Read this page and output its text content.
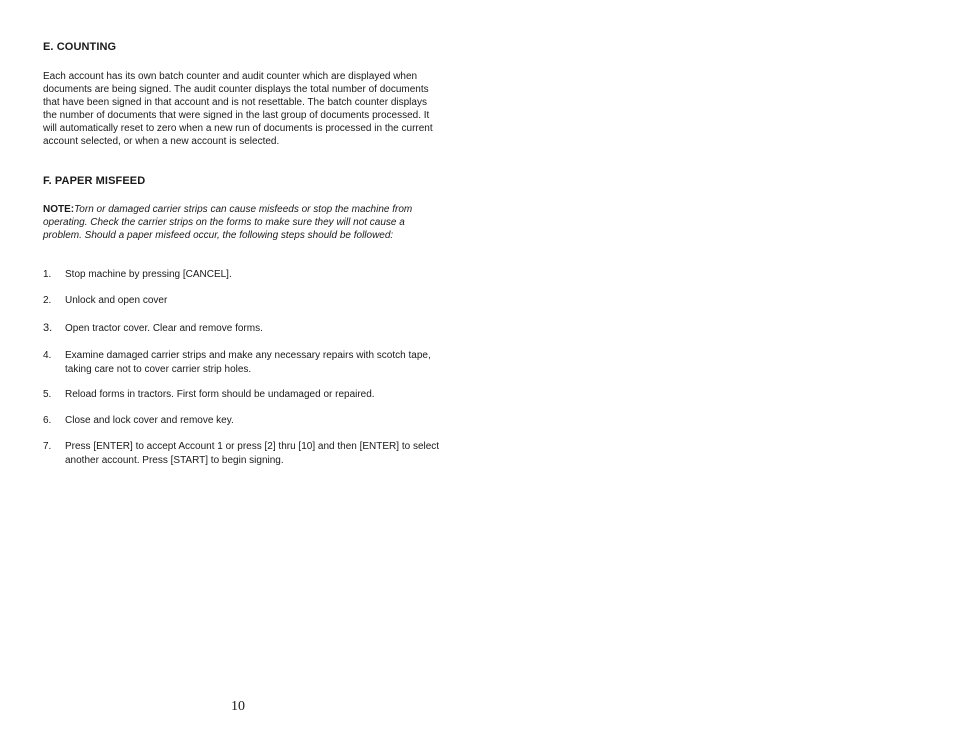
E. COUNTING
Each account has its own batch counter and audit counter which are displayed when documents are being signed. The audit counter displays the total number of documents that have been signed in that account and is not resettable. The batch counter displays the number of documents that were signed in the last group of documents processed. It will automatically reset to zero when a new run of documents is processed in the current account selected, or when a new account is selected.
F. PAPER MISFEED
NOTE:Torn or damaged carrier strips can cause misfeeds or stop the machine from operating. Check the carrier strips on the forms to make sure they will not cause a problem. Should a paper misfeed occur, the following steps should be followed:
1.	Stop machine by pressing [CANCEL].
2.	Unlock and open cover
3.	Open tractor cover. Clear and remove forms.
4.	Examine damaged carrier strips and make any necessary repairs with scotch tape, taking care not to cover carrier strip holes.
5.	Reload forms in tractors. First form should be undamaged or repaired.
6.	Close and lock cover and remove key.
7.	Press [ENTER] to accept Account 1 or press [2] thru [10] and then [ENTER] to select another account. Press [START] to begin signing.
10
